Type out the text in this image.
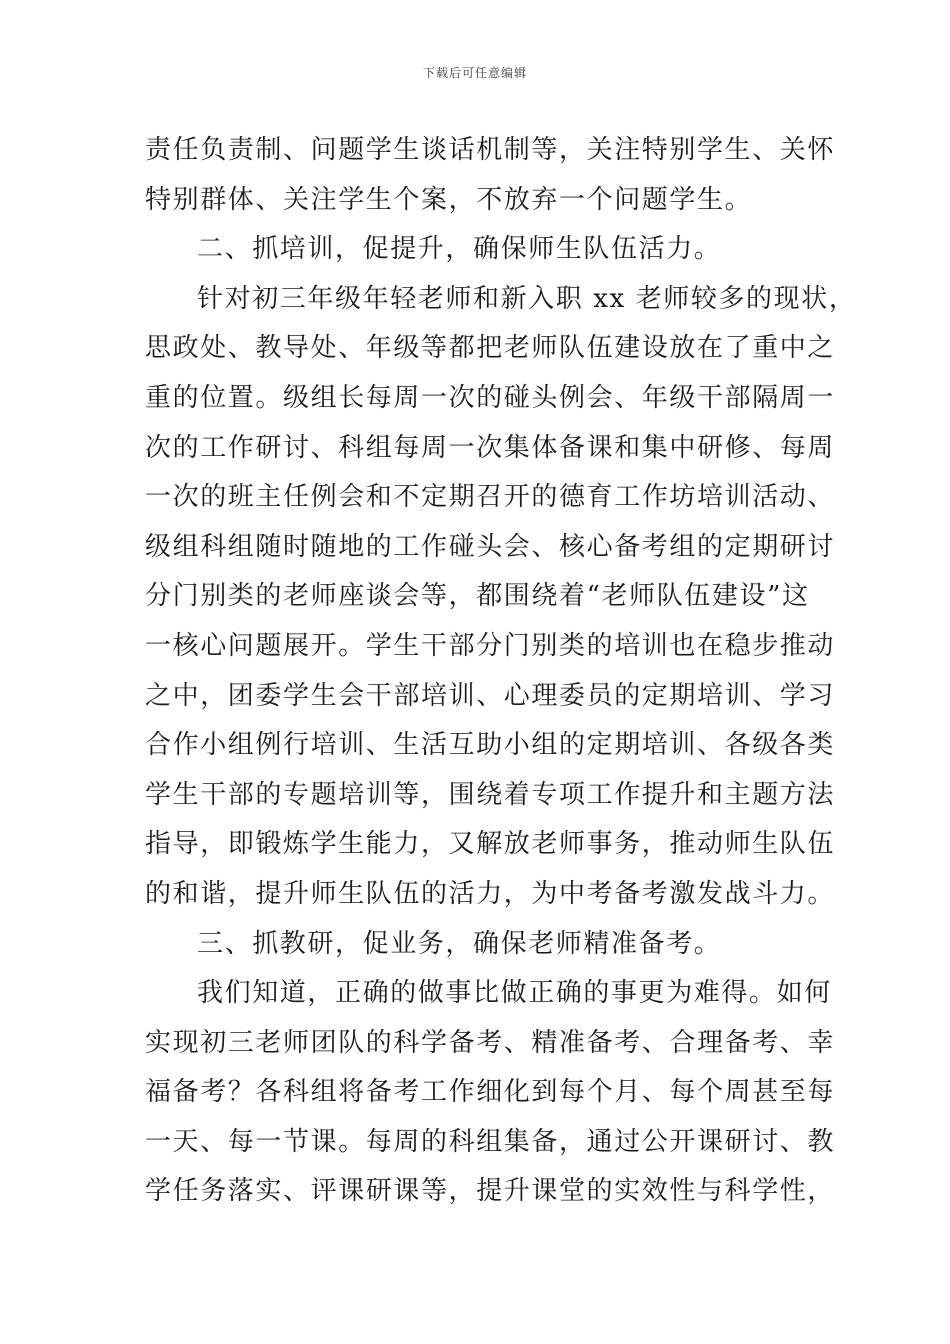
下载后可任意编辑
责任负责制、问题学生谈话机制等，关注特别学生、关怀
特别群体、关注学生个案，不放弃一个问题学生。
二、抓培训，促提升，确保师生队伍活力。
针对初三年级年轻老师和新入职 xx 老师较多的现状，
思政处、教导处、年级等都把老师队伍建设放在了重中之
重的位置。级组长每周一次的碰头例会、年级干部隔周一
次的工作研讨、科组每周一次集体备课和集中研修、每周
一次的班主任例会和不定期召开的德育工作坊培训活动、
级组科组随时随地的工作碰头会、核心备考组的定期研讨
分门别类的老师座谈会等，都围绕着“老师队伍建设”这
一核心问题展开。学生干部分门别类的培训也在稳步推动
之中，团委学生会干部培训、心理委员的定期培训、学习
合作小组例行培训、生活互助小组的定期培训、各级各类
学生干部的专题培训等，围绕着专项工作提升和主题方法
指导，即锻炼学生能力，又解放老师事务，推动师生队伍
的和谐，提升师生队伍的活力，为中考备考激发战斗力。
三、抓教研，促业务，确保老师精准备考。
我们知道，正确的做事比做正确的事更为难得。如何
实现初三老师团队的科学备考、精准备考、合理备考、幸
福备考？各科组将备考工作细化到每个月、每个周甚至每
一天、每一节课。每周的科组集备，通过公开课研讨、教
学任务落实、评课研课等，提升课堂的实效性与科学性，
